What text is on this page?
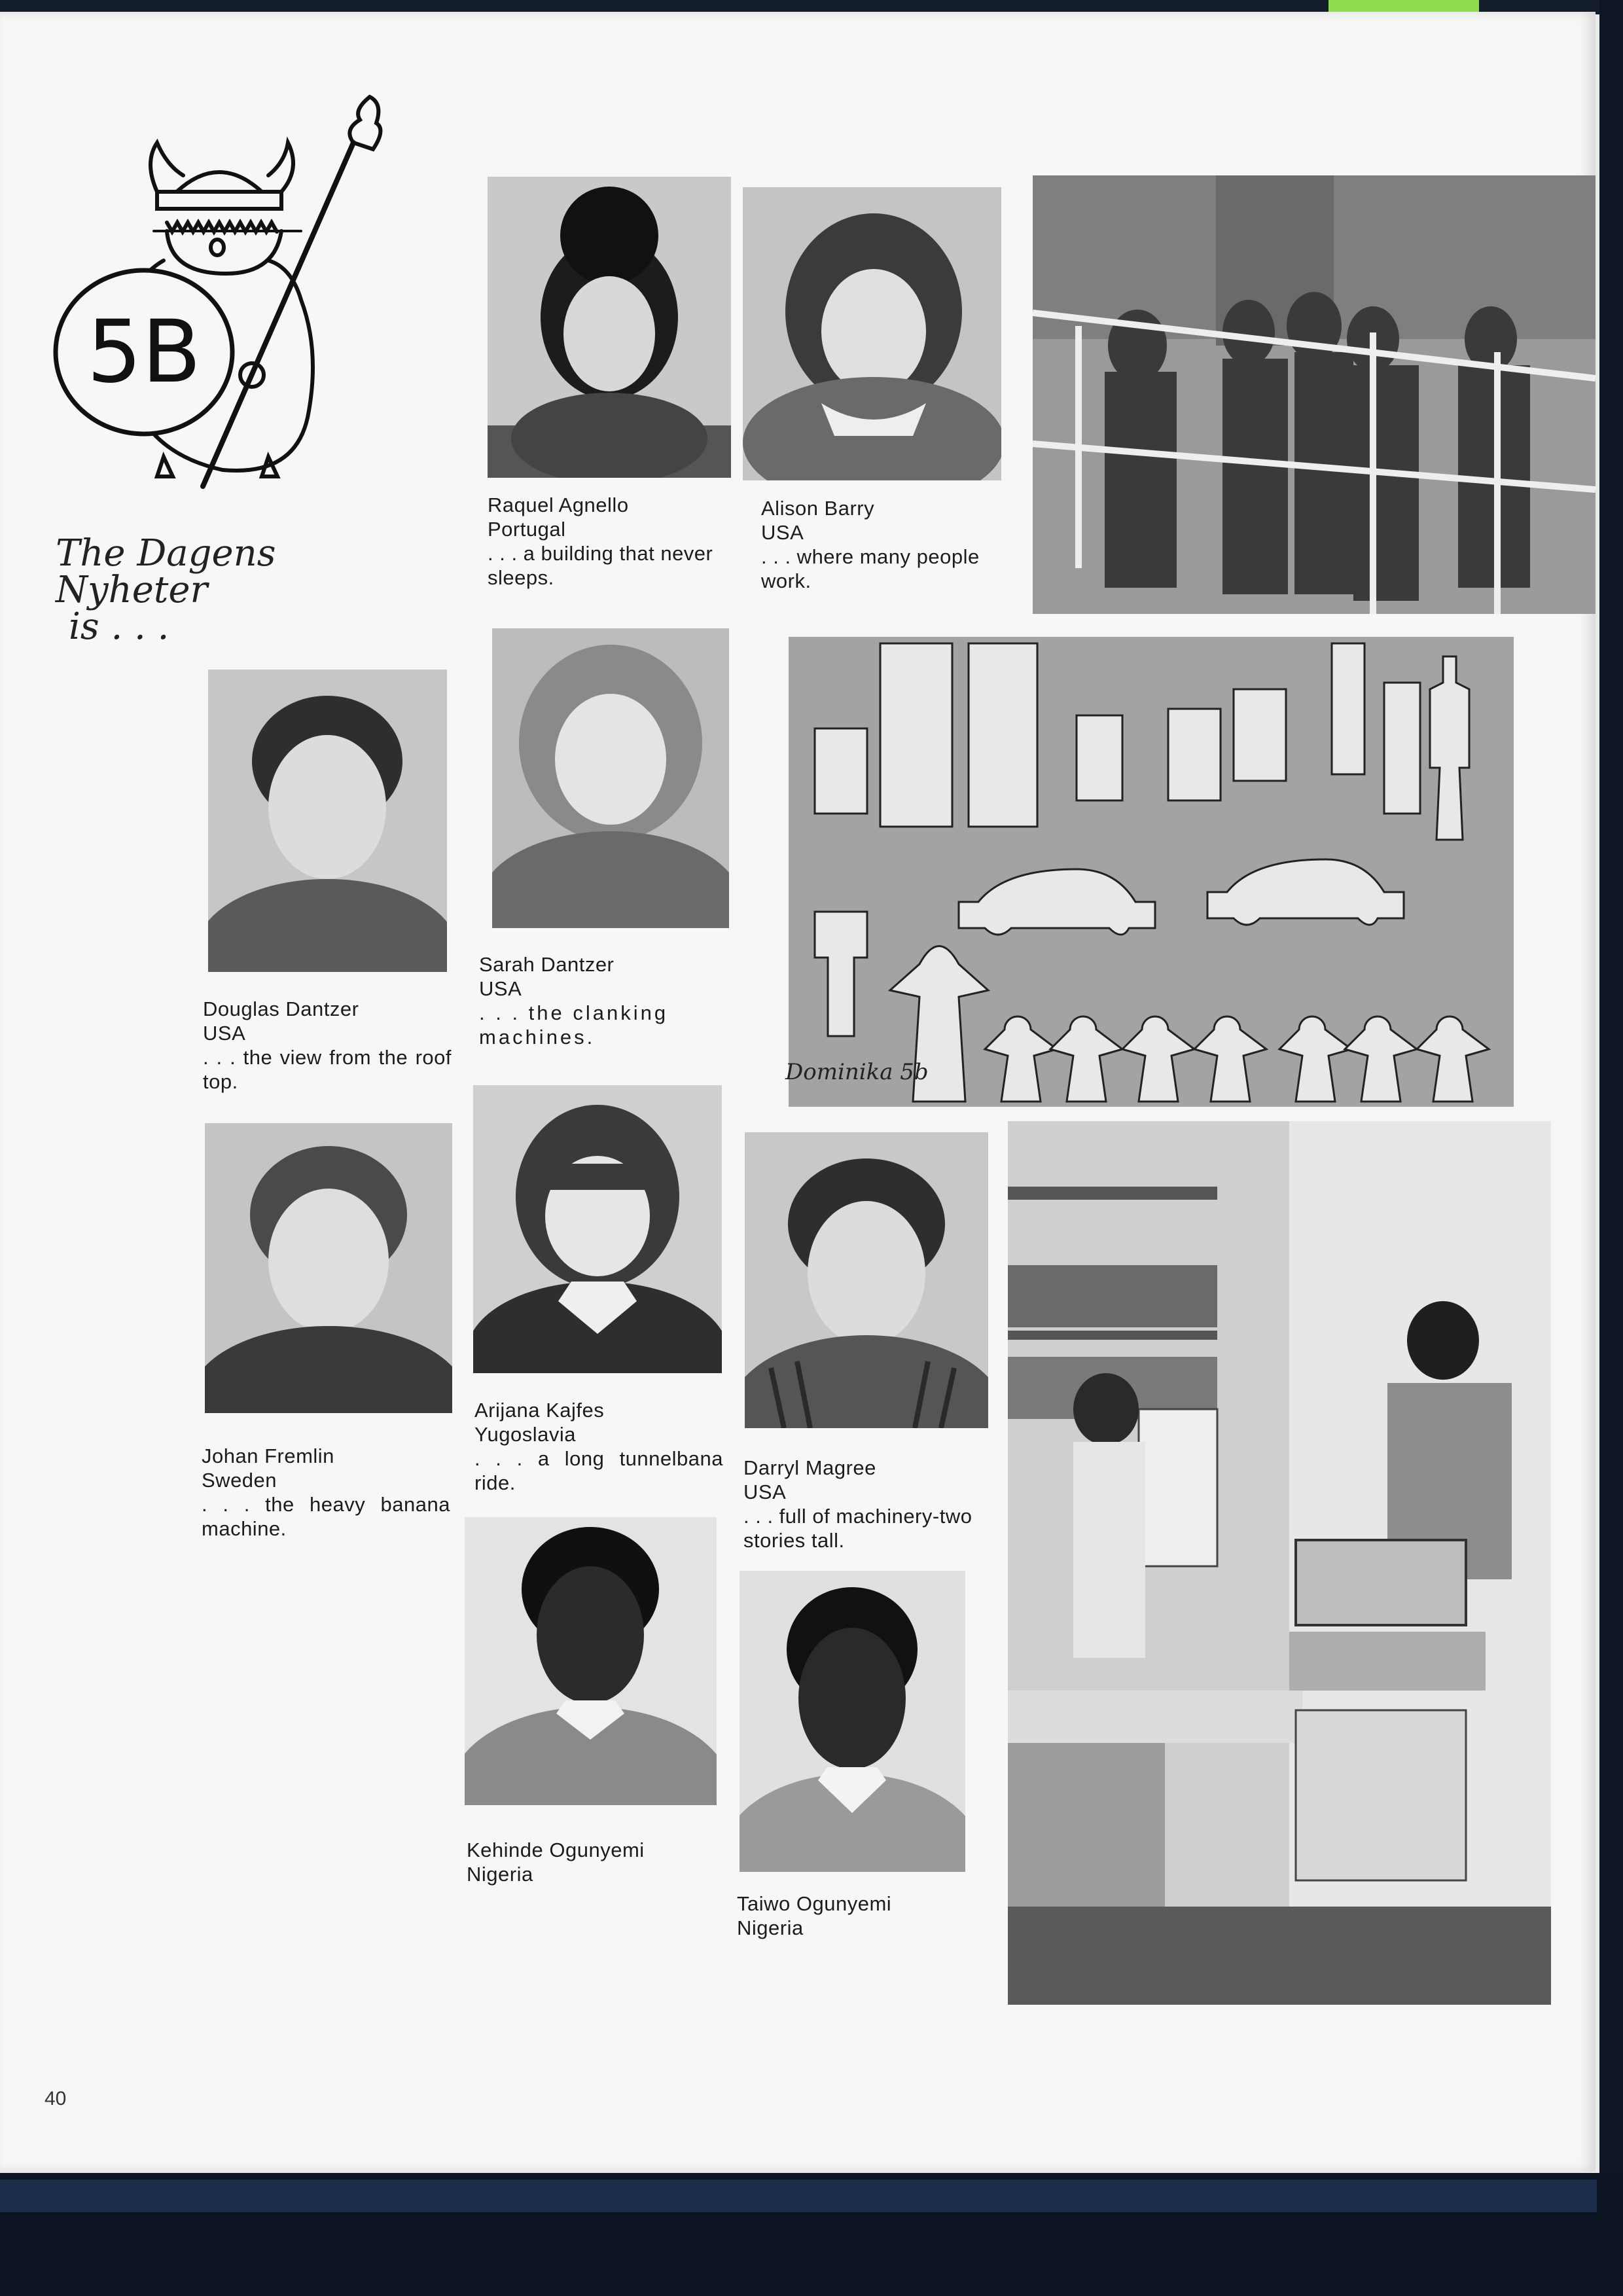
5B
The Dagens Nyheter
is . . .
Raquel Agnello
Portugal
. . . a building that never sleeps.
Alison Barry
USA
. . . where many people work.
Dominika 5b
Douglas Dantzer
USA
. . . the view from the roof top.
Sarah Dantzer
USA
. . . the clanking machines.
Johan Fremlin
Sweden
. . . the heavy banana machine.
Arijana Kajfes
Yugoslavia
. . . a long tunnelbana ride.
Darryl Magree
USA
. . . full of machinery-two stories tall.
Kehinde Ogunyemi
Nigeria
Taiwo Ogunyemi
Nigeria
40
